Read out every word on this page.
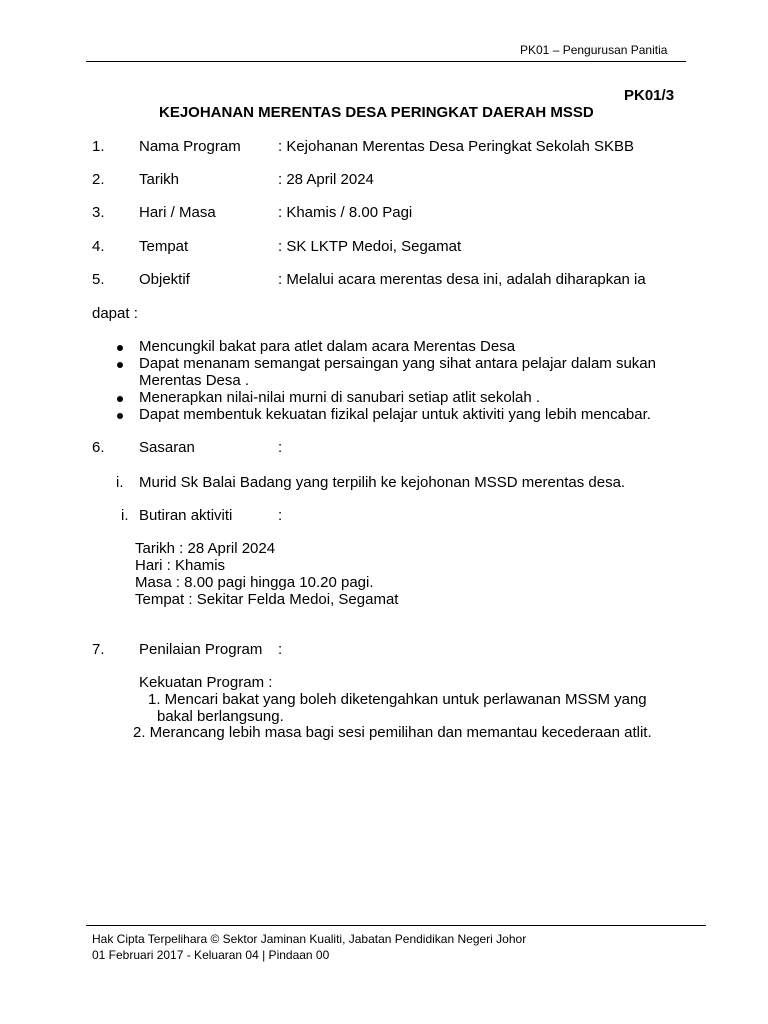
PK01 – Pengurusan Panitia
PK01/3
KEJOHANAN MERENTAS DESA PERINGKAT DAERAH MSSD
1. Nama Program : Kejohanan Merentas Desa Peringkat Sekolah SKBB
2. Tarikh	: 28 April 2024
3. Hari / Masa	: Khamis / 8.00 Pagi
4. Tempat	: SK LKTP Medoi, Segamat
5. Objektif	: Melalui acara merentas desa ini, adalah diharapkan ia
dapat :
Mencungkil bakat para atlet dalam acara Merentas Desa
Dapat menanam semangat persaingan yang sihat antara pelajar dalam sukan
Merentas Desa .
Menerapkan nilai-nilai murni di sanubari setiap atlit sekolah .
Dapat membentuk kekuatan fizikal pelajar untuk aktiviti yang lebih mencabar.
6. Sasaran	:
i. Murid Sk Balai Badang yang terpilih ke kejohonan MSSD merentas desa.
i. Butiran aktiviti	:
Tarikh : 28 April 2024
Hari : Khamis
Masa : 8.00 pagi hingga 10.20 pagi.
Tempat : Sekitar Felda Medoi, Segamat
7. Penilaian Program :
Kekuatan Program :
1. Mencari bakat yang boleh diketengahkan untuk perlawanan MSSM yang
bakal berlangsung.
2. Merancang lebih masa bagi sesi pemilihan dan memantau kecederaan atlit.
Hak Cipta Terpelihara © Sektor Jaminan Kualiti, Jabatan Pendidikan Negeri Johor
01 Februari 2017 - Keluaran 04 | Pindaan 00
